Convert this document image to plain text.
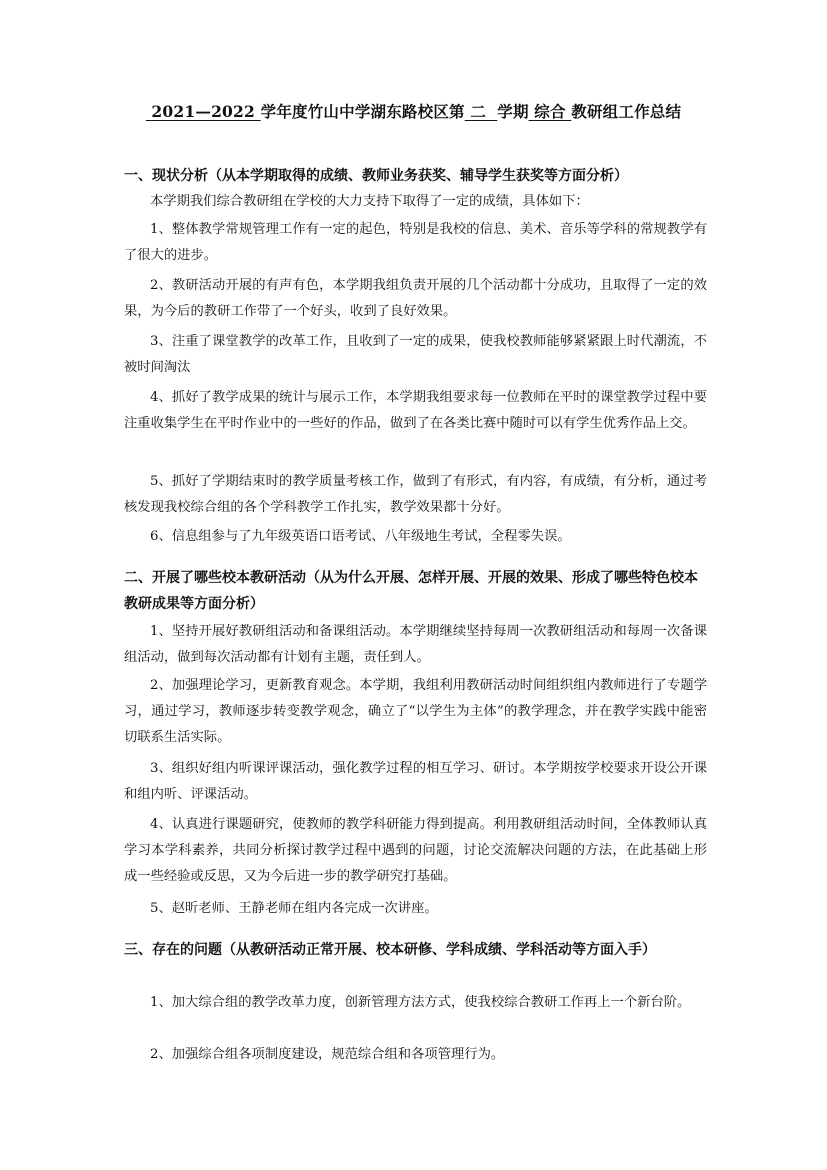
2021—2022 学年度竹山中学湖东路校区第 二 学期 综合 教研组工作总结
一、现状分析（从本学期取得的成绩、教师业务获奖、辅导学生获奖等方面分析）
本学期我们综合教研组在学校的大力支持下取得了一定的成绩，具体如下：
1、整体教学常规管理工作有一定的起色，特别是我校的信息、美术、音乐等学科的常规教学有了很大的进步。
2、教研活动开展的有声有色，本学期我组负责开展的几个活动都十分成功，且取得了一定的效果，为今后的教研工作带了一个好头，收到了良好效果。
3、注重了课堂教学的改革工作，且收到了一定的成果，使我校教师能够紧紧跟上时代潮流，不被时间淘汰
4、抓好了教学成果的统计与展示工作，本学期我组要求每一位教师在平时的课堂教学过程中要注重收集学生在平时作业中的一些好的作品，做到了在各类比赛中随时可以有学生优秀作品上交。
5、抓好了学期结束时的教学质量考核工作，做到了有形式，有内容，有成绩，有分析，通过考核发现我校综合组的各个学科教学工作扎实，教学效果都十分好。
6、信息组参与了九年级英语口语考试、八年级地生考试，全程零失误。
二、开展了哪些校本教研活动（从为什么开展、怎样开展、开展的效果、形成了哪些特色校本教研成果等方面分析）
1、坚持开展好教研组活动和备课组活动。本学期继续坚持每周一次教研组活动和每周一次备课组活动，做到每次活动都有计划有主题，责任到人。
2、加强理论学习，更新教育观念。本学期，我组利用教研活动时间组织组内教师进行了专题学习，通过学习，教师逐步转变教学观念，确立了“以学生为主体”的教学理念，并在教学实践中能密切联系生活实际。
3、组织好组内听课评课活动，强化教学过程的相互学习、研讨。本学期按学校要求开设公开课和组内听、评课活动。
4、认真进行课题研究，使教师的教学科研能力得到提高。利用教研组活动时间，全体教师认真学习本学科素养，共同分析探讨教学过程中遇到的问题，讨论交流解决问题的方法，在此基础上形成一些经验或反思，又为今后进一步的教学研究打基础。
5、赵昕老师、王静老师在组内各完成一次讲座。
三、存在的问题（从教研活动正常开展、校本研修、学科成绩、学科活动等方面入手）
1、加大综合组的教学改革力度，创新管理方法方式，使我校综合教研工作再上一个新台阶。
2、加强综合组各项制度建设，规范综合组和各项管理行为。
